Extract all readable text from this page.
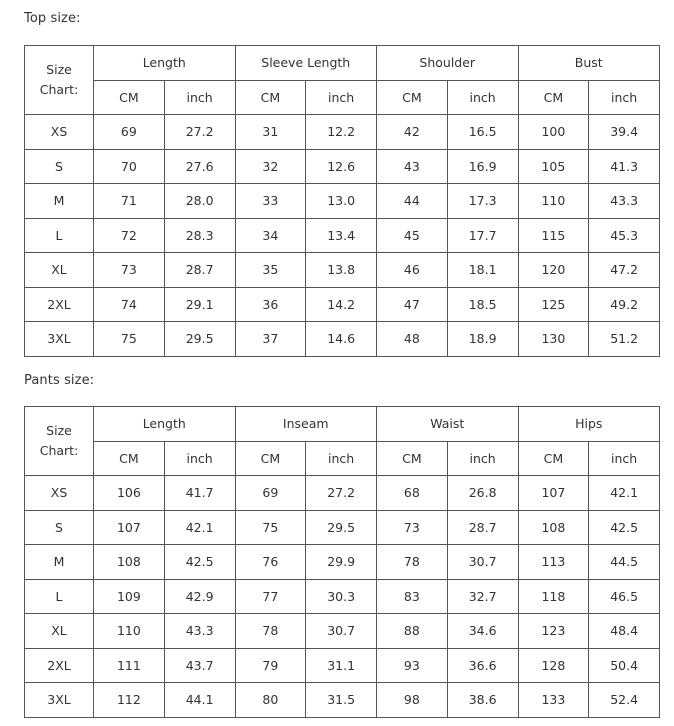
Top size:
Size
Chart:	Length		Sleeve Length		Shoulder		Bust	
	CM	inch	CM	inch	CM	inch	CM	inch
XS	69	27.2	31	12.2	42	16.5	100	39.4
S	70	27.6	32	12.6	43	16.9	105	41.3
M	71	28.0	33	13.0	44	17.3	110	43.3
L	72	28.3	34	13.4	45	17.7	115	45.3
XL	73	28.7	35	13.8	46	18.1	120	47.2
2XL	74	29.1	36	14.2	47	18.5	125	49.2
3XL	75	29.5	37	14.6	48	18.9	130	51.2
Pants size:
Size
Chart:	Length		Inseam		Waist		Hips	
	CM	inch	CM	inch	CM	inch	CM	inch
XS	106	41.7	69	27.2	68	26.8	107	42.1
S	107	42.1	75	29.5	73	28.7	108	42.5
M	108	42.5	76	29.9	78	30.7	113	44.5
L	109	42.9	77	30.3	83	32.7	118	46.5
XL	110	43.3	78	30.7	88	34.6	123	48.4
2XL	111	43.7	79	31.1	93	36.6	128	50.4
3XL	112	44.1	80	31.5	98	38.6	133	52.4
